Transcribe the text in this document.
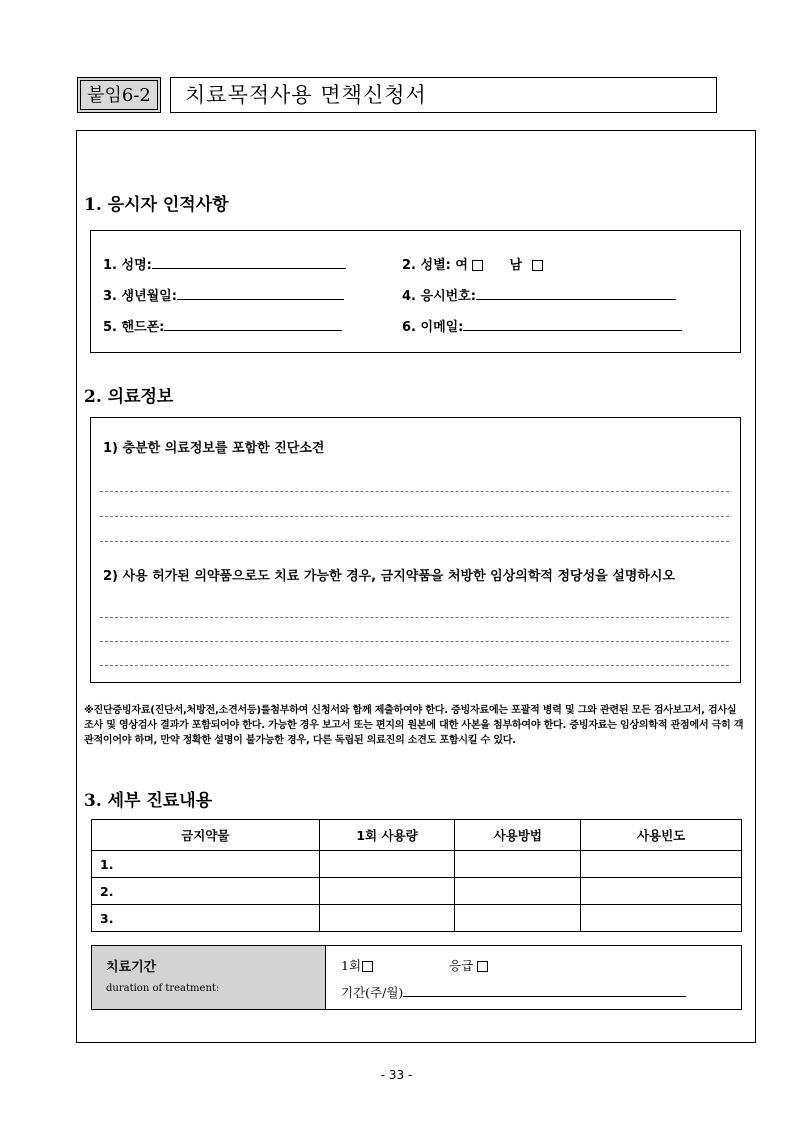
붙임6-2	치료목적사용 면책신청서
1. 응시자 인적사항
1. 성명:	2. 성별: 여	남
3. 생년월일:	4. 응시번호:
5. 핸드폰:	6. 이메일:
2. 의료정보
1) 충분한 의료정보를 포함한 진단소견
2) 사용 허가된 의약품으로도 치료 가능한 경우, 금지약품을 처방한 임상의학적 정당성을 설명하시오
※진단증빙자료(진단서,처방전,소견서등)를첨부하여 신청서와 함께 제출하여야 한다. 증빙자료에는 포괄적 병력 및 그와 관련된 모든 검사보고서, 검사실 조사 및 영상검사 결과가 포함되어야 한다. 가능한 경우 보고서 또는 편지의 원본에 대한 사본을 첨부하여야 한다. 증빙자료는 임상의학적 관점에서 극히 객관적이어야 하며, 만약 정확한 설명이 불가능한 경우, 다른 독립된 의료진의 소견도 포함시킬 수 있다.
3. 세부 진료내용
금지약물	1회 사용량	사용방법	사용빈도
1.			
2.			
3.			
치료기간
duration of treatment:
1회	응급
기간(주/월)
- 33 -
